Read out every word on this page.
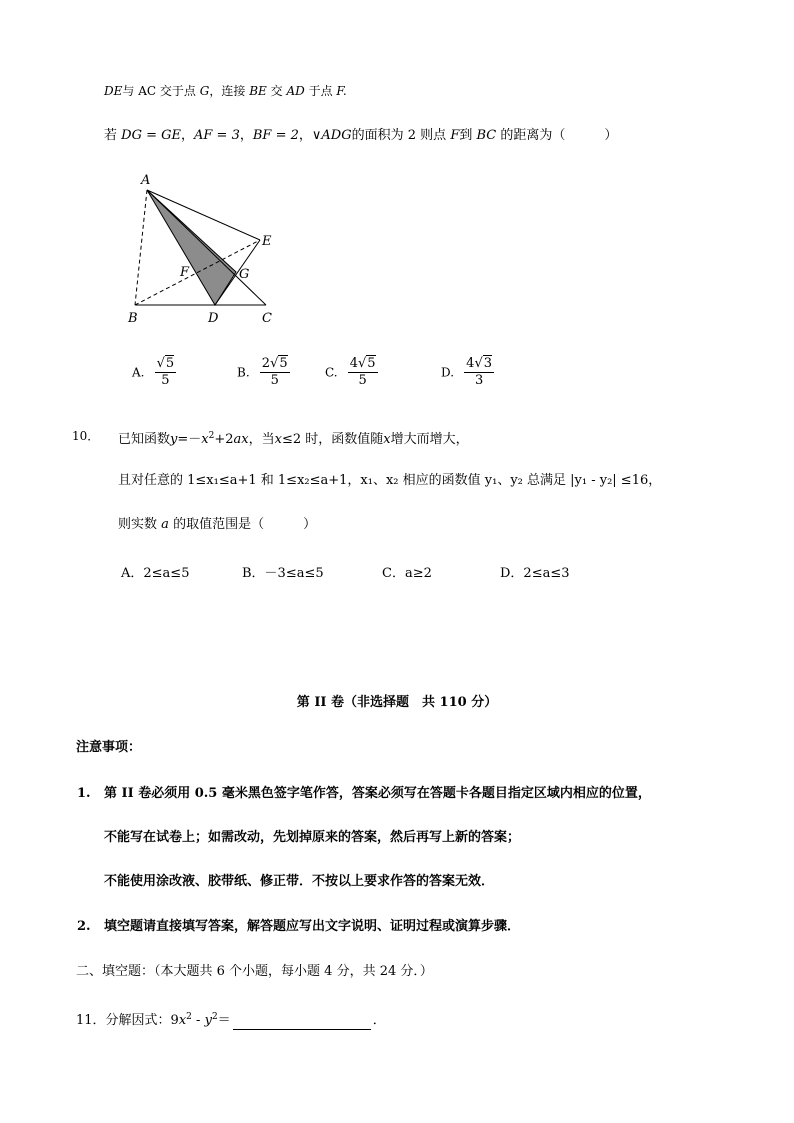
DE与 AC 交于点 G，连接 BE 交 AD 于点 F.
若 DG = GE，AF = 3，BF = 2，∨ADG的面积为 2 则点 F到 BC 的距离为（　　　）
A
E
F	G
B	D	C
A. $\frac{√5}{5}$	B. $\frac{2√5}{5}$	C. $\frac{4√5}{5}$	D. $\frac{4√3}{3}$
10． 已知函数$y=-x^2+2ax$，当x≤2 时，函数值随x增大而增大，
且对任意的 1≤x₁≤a+1 和 1≤x₂≤a+1，x₁、x₂ 相应的函数值 y₁、y₂ 总满足 |y₁ - y₂| ≤16，
则实数 a 的取值范围是（　　　）
A．2≤a≤5	B．－3≤a≤5	C．a≥2	D．2≤a≤3
第 II 卷（非选择题　共 110 分）
注意事项：
1. 第 II 卷必须用 0.5 毫米黑色签字笔作答，答案必须写在答题卡各题目指定区域内相应的位置，
不能写在试卷上；如需改动，先划掉原来的答案，然后再写上新的答案；
不能使用涂改液、胶带纸、修正带．不按以上要求作答的答案无效．
2. 填空题请直接填写答案，解答题应写出文字说明、证明过程或演算步骤．
二、填空题：（本大题共 6 个小题，每小题 4 分，共 24 分．）
11．分解因式：$9x^2 - y^2=$	．
